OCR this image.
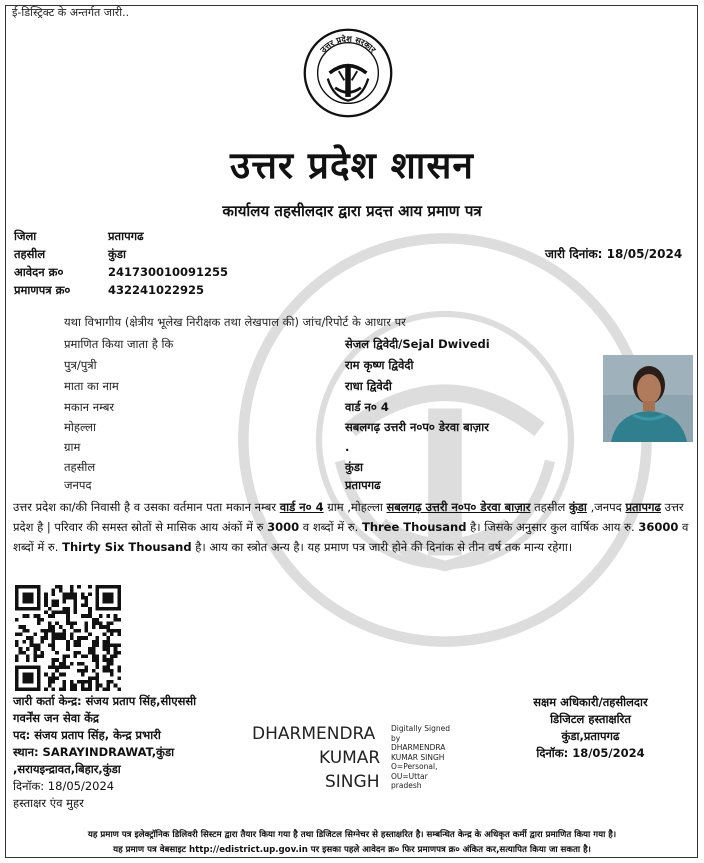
ई-डिस्ट्रिक्ट के अन्तर्गत जारी..
उत्तर प्रदेश सरकार
उत्तर प्रदेश शासन
कार्यालय तहसीलदार द्वारा प्रदत्त आय प्रमाण पत्र
जिला	प्रतापगढ
तहसील	कुंडा
आवेदन क्र०	241730010091255
प्रमाणपत्र क्र०	432241022925
जारी दिनांक: 18/05/2024
यथा विभागीय (क्षेत्रीय भूलेख निरीक्षक तथा लेखपाल की) जांच/रिपोर्ट के आधार पर
प्रमाणित किया जाता है कि	सेजल द्विवेदी/Sejal Dwivedi
पुत्र/पुत्री	राम कृष्ण द्विवेदी
माता का नाम	राधा द्विवेदी
मकान नम्बर	वार्ड न० 4
मोहल्ला	सबलगढ़ उत्तरी न०प० डेरवा बाज़ार
ग्राम	.
तहसील	कुंडा
जनपद	प्रतापगढ
उत्तर प्रदेश का/की निवासी है व उसका वर्तमान पता मकान नम्बर वार्ड न० 4 ग्राम ,मोहल्ला सबलगढ़ उत्तरी न०प० डेरवा बाज़ार तहसील कुंडा ,जनपद प्रतापगढ उत्तर प्रदेश है | परिवार की समस्त स्रोतों से मासिक आय अंकों में रु 3000 व शब्दों में रु. Three Thousand है। जिसके अनुसार कुल वार्षिक आय रु. 36000 व शब्दों में रु. Thirty Six Thousand है। आय का स्त्रोत अन्य है। यह प्रमाण पत्र जारी होने की दिनांक से तीन वर्ष तक मान्य रहेगा।
जारी कर्ता केन्द्र: संजय प्रताप सिंह,सीएससी
गवर्नेंस जन सेवा केंद्र
पद: संजय प्रताप सिंह, केन्द्र प्रभारी
स्थान: SARAYINDRAWAT,कुंडा
,सरायइन्द्रावत,बिहार,कुंडा
दिनॉक: 18/05/2024
हस्ताक्षर एंव मुहर
DHARMENDRA
KUMAR
SINGH
Digitally Signed
by
DHARMENDRA
KUMAR SINGH
O=Personal,
OU=Uttar
pradesh
सक्षम अधिकारी/तहसीलदार
डिजिटल हस्ताक्षरित
कुंडा,प्रतापगढ
दिनॉक: 18/05/2024
यह प्रमाण पत्र इलेक्ट्रॉनिक डिलिवरी सिस्टम द्वारा तैयार किया गया है तथा डिजिटल सिग्नेचर से हस्ताक्षरित है। सम्बन्धित केन्द्र के अधिकृत कर्मी द्वारा प्रमाणित किया गया है।
यह प्रमाण पत्र वेबसाइट http://edistrict.up.gov.in पर इसका पहले आवेदन क्र० फिर प्रमाणपत्र क्र० अंकित कर,सत्यापित किया जा सकता है।
